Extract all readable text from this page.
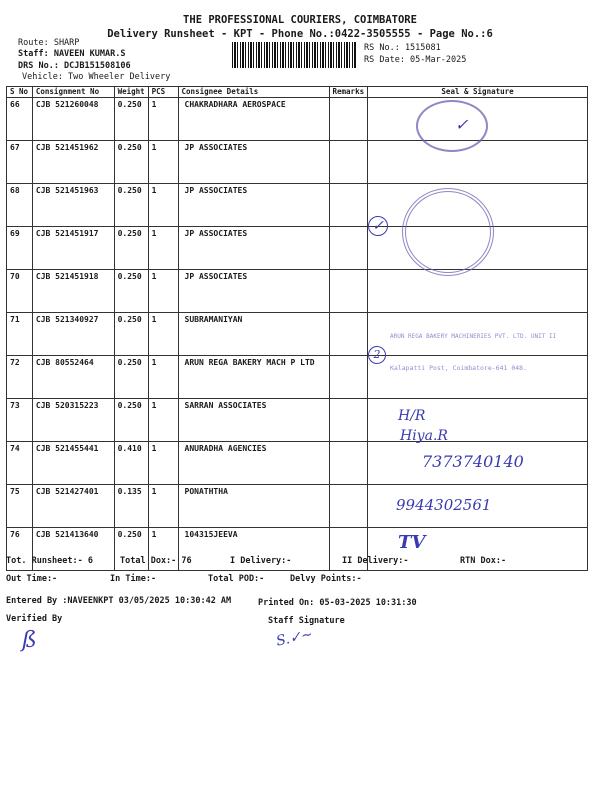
THE PROFESSIONAL COURIERS, COIMBATORE
Delivery Runsheet - KPT - Phone No.:0422-3505555 - Page No.:6
Route: SHARP
Staff: NAVEEN KUMAR.S
DRS No.: DCJB151508106
Vehicle: Two Wheeler Delivery
RS No.: 1515081
RS Date: 05-Mar-2025
S No	Consignment No	Weight	PCS	Consignee Details	Remarks	Seal & Signature
66	CJB 521260048	0.250	1	CHAKRADHARA AEROSPACE		
67	CJB 521451962	0.250	1	JP ASSOCIATES		
68	CJB 521451963	0.250	1	JP ASSOCIATES		
69	CJB 521451917	0.250	1	JP ASSOCIATES		
70	CJB 521451918	0.250	1	JP ASSOCIATES		
71	CJB 521340927	0.250	1	SUBRAMANIYAN		
72	CJB 80552464	0.250	1	ARUN REGA BAKERY MACH P LTD		
73	CJB 520315223	0.250	1	SARRAN ASSOCIATES		
74	CJB 521455441	0.410	1	ANURADHA AGENCIES		
75	CJB 521427401	0.135	1	PONATHTHA		
76	CJB 521413640	0.250	1	104315JEEVA		
✓
✓
2
ARUN REGA BAKERY MACHINERIES PVT. LTD. UNIT II
Kalapatti Post, Coimbatore-641 048.
H/R
Hiya.R
7373740140
9944302561
TV
Tot. Runsheet:- 6	Total Dox:- 76	I Delivery:-	II Delivery:-	RTN Dox:-
Out Time:-	In Time:-	Total POD:-	Delvy Points:-
Entered By :NAVEENKPT 03/05/2025 10:30:42 AM	Printed On: 05-03-2025 10:31:30
Verified By	Staff Signature
ß	S.✓~
